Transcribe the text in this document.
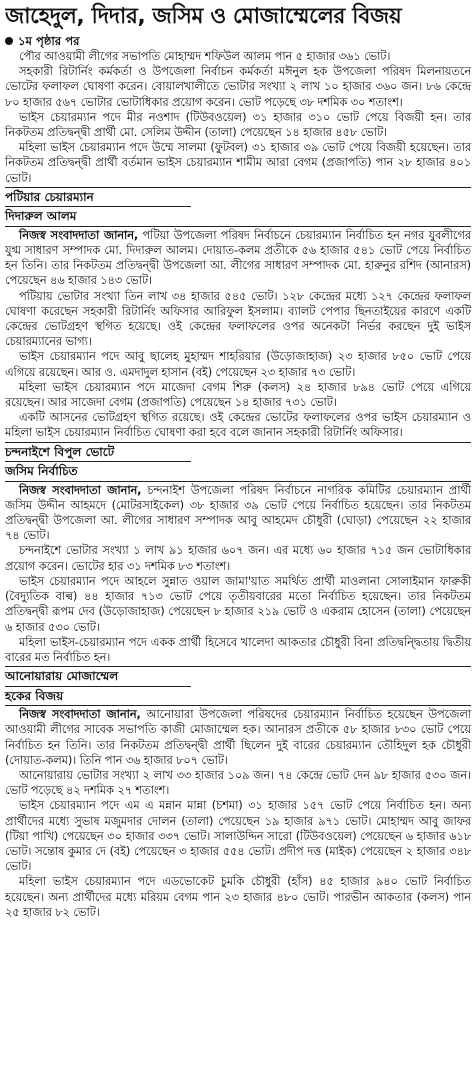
জাহেদুল, দিদার, জসিম ও মোজাম্মেলের বিজয়
১ম পৃষ্ঠার পর

পৌর আওয়ামী লীগের সভাপতি মোহাম্মদ শফিউল আলম পান ৫ হাজার ৩৬১ ভোট।

সহকারী রিটার্নিং কর্মকর্তা ও উপজেলা নির্বাচন কর্মকর্তা মঈনুল হক উপজেলা পরিষদ মিলনায়তনে ভোটের ফলাফল ঘোষণা করেন। বোয়ালখালীতে ভোটার সংখ্যা ২ লাখ ১০ হাজার ৩৬০ জন। ৮৬ কেন্দ্রে ৮০ হাজার ৫৬৭ ভোটার ভোটাধিকার প্রয়োগ করেন। ভোট পড়েছে ৩৮ দশমিক ৩০ শতাংশ।

ভাইস চেয়ারম্যান পদে মীর নওশাদ (টিউবওয়েল) ৩১ হাজার ৩১০ ভোট পেয়ে বিজয়ী হন। তার নিকটতম প্রতিদ্বন্দ্বী প্রার্থী মো. সেলিম উদ্দীন (তালা) পেয়েছেন ১৪ হাজার ৪৫৮ ভোট।

মহিলা ভাইস চেয়ারম্যান পদে উম্মে সালমা (ফুটবল) ৩১ হাজার ৩৯ ভোট পেয়ে বিজয়ী হয়েছেন। তার নিকটতম প্রতিদ্বন্দ্বী প্রার্থী বর্তমান ভাইস চেয়ারম্যান শামীম আরা বেগম (প্রজাপতি) পান ২৮ হাজার ৪০১ ভোট।

পটিয়ার চেয়ারম্যান
দিদারুল আলম

নিজস্ব সংবাদদাতা জানান, পটিয়া উপজেলা পরিষদ নির্বাচনে চেয়ারম্যান নির্বাচিত হন নগর যুবলীগের যুগ্ম সাধারণ সম্পাদক মো. দিদারুল আলম। দোয়াত-কলম প্রতীকে ৫৬ হাজার ৫৪১ ভোট পেয়ে নির্বাচিত হন তিনি। তার নিকটতম প্রতিদ্বন্দ্বী উপজেলা আ. লীগের সাধারণ সম্পাদক মো. হারুনুর রশিদ (আনারস) পেয়েছেন ৪৬ হাজার ১৪৩ ভোট।

পটিয়ায় ভোটার সংখ্যা তিন লাখ ৩৪ হাজার ৫৪৫ ভোট। ১২৮ কেন্দ্রের মধ্যে ১২৭ কেন্দ্রের ফলাফল ঘোষণা করেছেন সহকারী রিটার্নিং অফিসার আরিফুল ইসলাম। ব্যালট পেপার ছিনতাইয়ের কারণে একটি কেন্দ্রের ভোটগ্রহণ স্থগিত হয়েছে। ওই কেন্দ্রের ফলাফলের ওপর অনেকটা নির্ভর করছেন দুই ভাইস চেয়ারম্যানের ভাগ্য।

ভাইস চেয়ারম্যান পদে আবু ছালেহ মুহাম্মদ শাহরিয়ার (উড়োজাহাজ) ২৩ হাজার ৮৫০ ভোট পেয়ে এগিয়ে রয়েছেন। আর ও. এমদাদুল হাসান (বই) পেয়েছেন ২৩ হাজার ৭৩ ভোট।

মহিলা ভাইস চেয়ারম্যান পদে মাজেদা বেগম শিরু (কলস) ২৪ হাজার ৮৯৪ ভোট পেয়ে এগিয়ে রয়েছেন। আর সাজেদা বেগম (প্রজাপতি) পেয়েছেন ১৪ হাজার ৭৩১ ভোট।

একটি আসনের ভোটগ্রহণ স্থগিত রয়েছে। ওই কেন্দ্রের ভোটের ফলাফলের ওপর ভাইস চেয়ারম্যান ও মহিলা ভাইস চেয়ারম্যান নির্বাচিত ঘোষণা করা হবে বলে জানান সহকারী রিটার্নিং অফিসার।

চন্দনাইশে বিপুল ভোটে
জসিম নির্বাচিত

নিজস্ব সংবাদদাতা জানান, চন্দনাইশ উপজেলা পরিষদ নির্বাচনে নাগরিক কমিটির চেয়ারম্যান প্রার্থী জসিম উদ্দীন আহমদে (মোটরসাইকেল) ৩৮ হাজার ৩৯ ভোট পেয়ে নির্বাচিত হয়েছেন। তার নিকটতম প্রতিদ্বন্দ্বী উপজেলা আ. লীগের সাধারণ সম্পাদক আবু আহমেদ চৌধুরী (ঘোড়া) পেয়েছেন ২২ হাজার ৭৪ ভোট।

চন্দনাইশে ভোটার সংখ্যা ১ লাখ ৯১ হাজার ৬০৭ জন। এর মধ্যে ৬০ হাজার ৭১৫ জন ভোটাধিকার প্রয়োগ করেন। ভোটের হার ৩১ দশমিক ৮৩ শতাংশ।

ভাইস চেয়ারম্যান পদে আহলে সুন্নাত ওয়াল জামা'য়াত সমর্থিত প্রার্থী মাওলানা সোলাইমান ফারুকী (বৈদ্যুতিক বাল্ব) ৪৪ হাজার ৭১৩ ভোট পেয়ে তৃতীয়বারের মতো নির্বাচিত হয়েছেন। তার নিকটতম প্রতিদ্বন্দ্বী রূপম দেব (উড়োজাহাজ) পেয়েছেন ৮ হাজার ২১৯ ভোট ও একরাম হোসেন (তালা) পেয়েছেন ৬ হাজার ৫৩০ ভোট।

মহিলা ভাইস-চেয়ারম্যান পদে একক প্রার্থী হিসেবে খালেদা আকতার চৌধুরী বিনা প্রতিদ্বন্দ্বিতায় দ্বিতীয় বারের মত নির্বাচিত হন।

আনোয়ারায় মোজাম্মেল
হকের বিজয়

নিজস্ব সংবাদদাতা জানান, আনোয়ারা উপজেলা পরিষদের চেয়ারম্যান নির্বাচিত হয়েছেন উপজেলা আওয়ামী লীগের সাবেক সভাপতি কাজী মোজাম্মেল হক। আনারস প্রতীকে ৫৮ হাজার ৮৩০ ভোট পেয়ে নির্বাচিত হন তিনি। তার নিকটতম প্রতিদ্বন্দ্বী প্রার্থী ছিলেন দুই বারের চেয়ারম্যান তৌহিদুল হক চৌধুরী (দোয়াত-কলম)। তিনি পান ৩৬ হাজার ৮০৭ ভোট।

আনোয়ারায় ভোটার সংখ্যা ২ লাখ ৩৩ হাজার ১০৯ জন। ৭৪ কেন্দ্রে ভোট দেন ৯৮ হাজার ৫৩০ জন। ভোট পড়েছে ৪২ দশমিক ২৭ শতাংশ।

ভাইস চেয়ারম্যান পদে এম এ মন্নান মান্না (চশমা) ৩১ হাজার ১৫৭ ভোট পেয়ে নির্বাচিত হন। অন্য প্রার্থীদের মধ্যে সুভাষ মজুমদার দোলন (তালা) পেয়েছেন ১৯ হাজার ৯৭১ ভোট। মোহাম্মদ আবু জাফর (টিয়া পাখি) পেয়েছেন ৩০ হাজার ৩৩৭ ভোট। সালাউদ্দিন সারো (টিউবওয়েল) পেয়েছেন ৬ হাজার ৬১৮ ভোট। সন্তোষ কুমার দে (বই) পেয়েছেন ৩ হাজার ৫৫৪ ভোট। প্রদীপ দত্ত (মাইক) পেয়েছেন ২ হাজার ৩৪৮ ভোট।

মহিলা ভাইস চেয়ারম্যান পদে এডভোকেট চুমকি চৌধুরী (হাঁস) ৪৫ হাজার ৯৪০ ভোট নির্বাচিত হয়েছেন। অন্য প্রার্থীদের মধ্যে মরিয়ম বেগম পান ২৩ হাজার ৪৮০ ভোট। পারভীন আকতার (কলস) পান ২৫ হাজার ৮২ ভোট।
